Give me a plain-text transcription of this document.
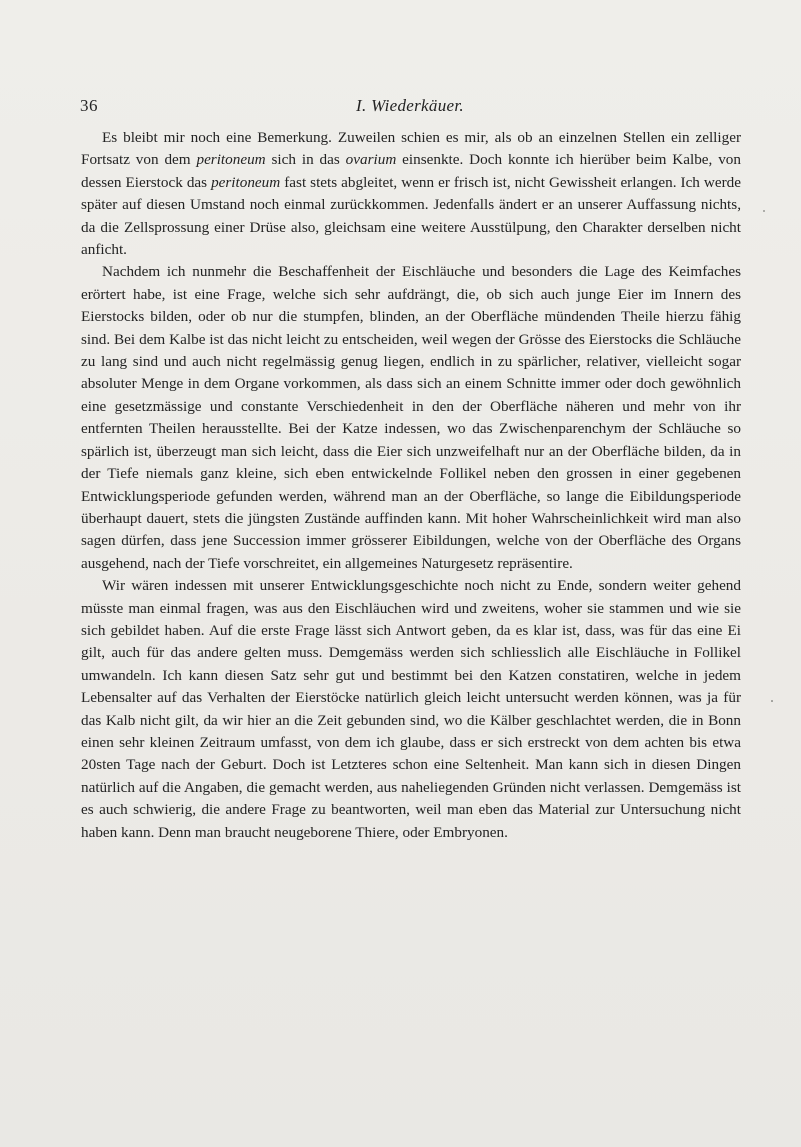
36	I. Wiederkäuer.

Es bleibt mir noch eine Bemerkung. Zuweilen schien es mir, als ob an einzelnen Stellen ein zelliger Fortsatz von dem peritoneum sich in das ovarium einsenkte. Doch konnte ich hierüber beim Kalbe, von dessen Eierstock das peritoneum fast stets abgleitet, wenn er frisch ist, nicht Gewissheit erlangen. Ich werde später auf diesen Umstand noch einmal zurückkommen. Jedenfalls ändert er an unserer Auffassung nichts, da die Zellsprossung einer Drüse also, gleichsam eine weitere Ausstülpung, den Charakter derselben nicht anficht.

Nachdem ich nunmehr die Beschaffenheit der Eischläuche und besonders die Lage des Keimfaches erörtert habe, ist eine Frage, welche sich sehr aufdrängt, die, ob sich auch junge Eier im Innern des Eierstocks bilden, oder ob nur die stumpfen, blinden, an der Oberfläche mündenden Theile hierzu fähig sind. Bei dem Kalbe ist das nicht leicht zu entscheiden, weil wegen der Grösse des Eierstocks die Schläuche zu lang sind und auch nicht regelmässig genug liegen, endlich in zu spärlicher, relativer, vielleicht sogar absoluter Menge in dem Organe vorkommen, als dass sich an einem Schnitte immer oder doch gewöhnlich eine gesetzmässige und constante Verschiedenheit in den der Oberfläche näheren und mehr von ihr entfernten Theilen herausstellte. Bei der Katze indessen, wo das Zwischenparenchym der Schläuche so spärlich ist, überzeugt man sich leicht, dass die Eier sich unzweifelhaft nur an der Oberfläche bilden, da in der Tiefe niemals ganz kleine, sich eben entwickelnde Follikel neben den grossen in einer gegebenen Entwicklungsperiode gefunden werden, während man an der Oberfläche, so lange die Eibildungsperiode überhaupt dauert, stets die jüngsten Zustände auffinden kann. Mit hoher Wahrscheinlichkeit wird man also sagen dürfen, dass jene Succession immer grösserer Eibildungen, welche von der Oberfläche des Organs ausgehend, nach der Tiefe vorschreitet, ein allgemeines Naturgesetz repräsentire.

Wir wären indessen mit unserer Entwicklungsgeschichte noch nicht zu Ende, sondern weiter gehend müsste man einmal fragen, was aus den Eischläuchen wird und zweitens, woher sie stammen und wie sie sich gebildet haben. Auf die erste Frage lässt sich Antwort geben, da es klar ist, dass, was für das eine Ei gilt, auch für das andere gelten muss. Demgemäss werden sich schliesslich alle Eischläuche in Follikel umwandeln. Ich kann diesen Satz sehr gut und bestimmt bei den Katzen constatiren, welche in jedem Lebensalter auf das Verhalten der Eierstöcke natürlich gleich leicht untersucht werden können, was ja für das Kalb nicht gilt, da wir hier an die Zeit gebunden sind, wo die Kälber geschlachtet werden, die in Bonn einen sehr kleinen Zeitraum umfasst, von dem ich glaube, dass er sich erstreckt von dem achten bis etwa 20sten Tage nach der Geburt. Doch ist Letzteres schon eine Seltenheit. Man kann sich in diesen Dingen natürlich auf die Angaben, die gemacht werden, aus naheliegenden Gründen nicht verlassen. Demgemäss ist es auch schwierig, die andere Frage zu beantworten, weil man eben das Material zur Untersuchung nicht haben kann. Denn man braucht neugeborene Thiere, oder Embryonen.
